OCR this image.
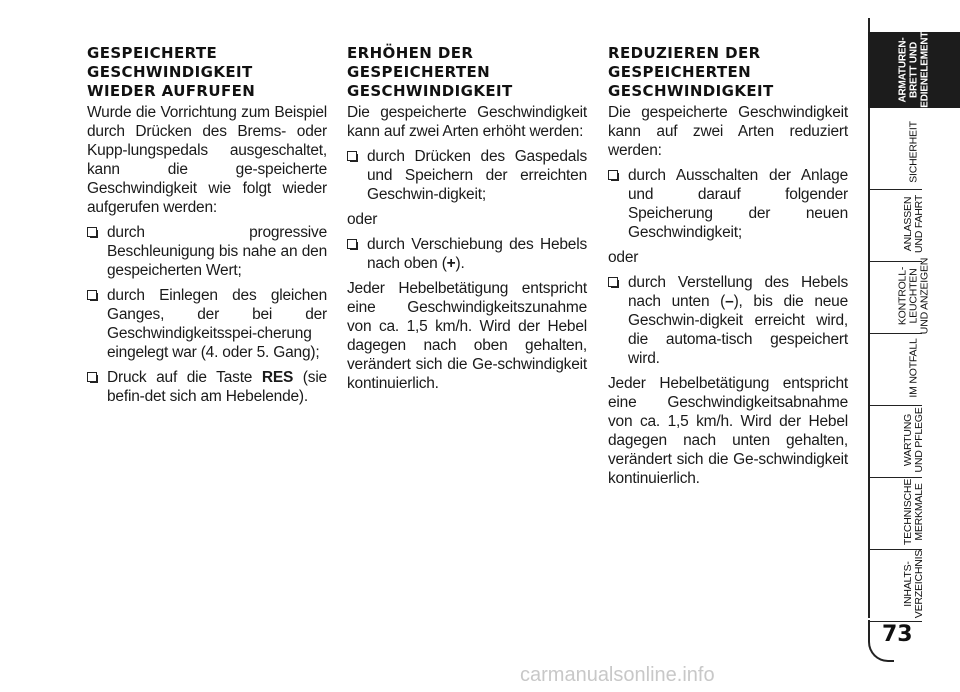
GESPEICHERTE GESCHWINDIGKEIT WIEDER AUFRUFEN

Wurde die Vorrichtung zum Beispiel durch Drücken des Brems- oder Kupp-lungspedals ausgeschaltet, kann die ge-speicherte Geschwindigkeit wie folgt wieder aufgerufen werden:

durch progressive Beschleunigung bis nahe an den gespeicherten Wert;
durch Einlegen des gleichen Ganges, der bei der Geschwindigkeitsspei-cherung eingelegt war (4. oder 5. Gang);
Druck auf die Taste RES (sie befin-det sich am Hebelende).
ERHÖHEN DER GESPEICHERTEN GESCHWINDIGKEIT

Die gespeicherte Geschwindigkeit kann auf zwei Arten erhöht werden:

durch Drücken des Gaspedals und Speichern der erreichten Geschwin-digkeit;

oder

durch Verschiebung des Hebels nach oben (+).

Jeder Hebelbetätigung entspricht eine Geschwindigkeitszunahme von ca. 1,5 km/h. Wird der Hebel dagegen nach oben gehalten, verändert sich die Ge-schwindigkeit kontinuierlich.

REDUZIEREN DER GESPEICHERTEN GESCHWINDIGKEIT

Die gespeicherte Geschwindigkeit kann auf zwei Arten reduziert werden:

durch Ausschalten der Anlage und darauf folgender Speicherung der neuen Geschwindigkeit;

oder

durch Verstellung des Hebels nach unten (–), bis die neue Geschwin-digkeit erreicht wird, die automa-tisch gespeichert wird.

Jeder Hebelbetätigung entspricht eine Geschwindigkeitsabnahme von ca. 1,5 km/h. Wird der Hebel dagegen nach unten gehalten, verändert sich die Ge-schwindigkeit kontinuierlich.

ARMATUREN-
BRETT UND
BEDIENELEMENTE
SICHERHEIT
ANLASSEN
UND FAHRT
KONTROLL-
LEUCHTEN
UND ANZEIGEN
IM NOTFALL
WARTUNG
UND PFLEGE
TECHNISCHE
MERKMALE
INHALTS-
VERZEICHNIS
73
carmanualsonline.info
